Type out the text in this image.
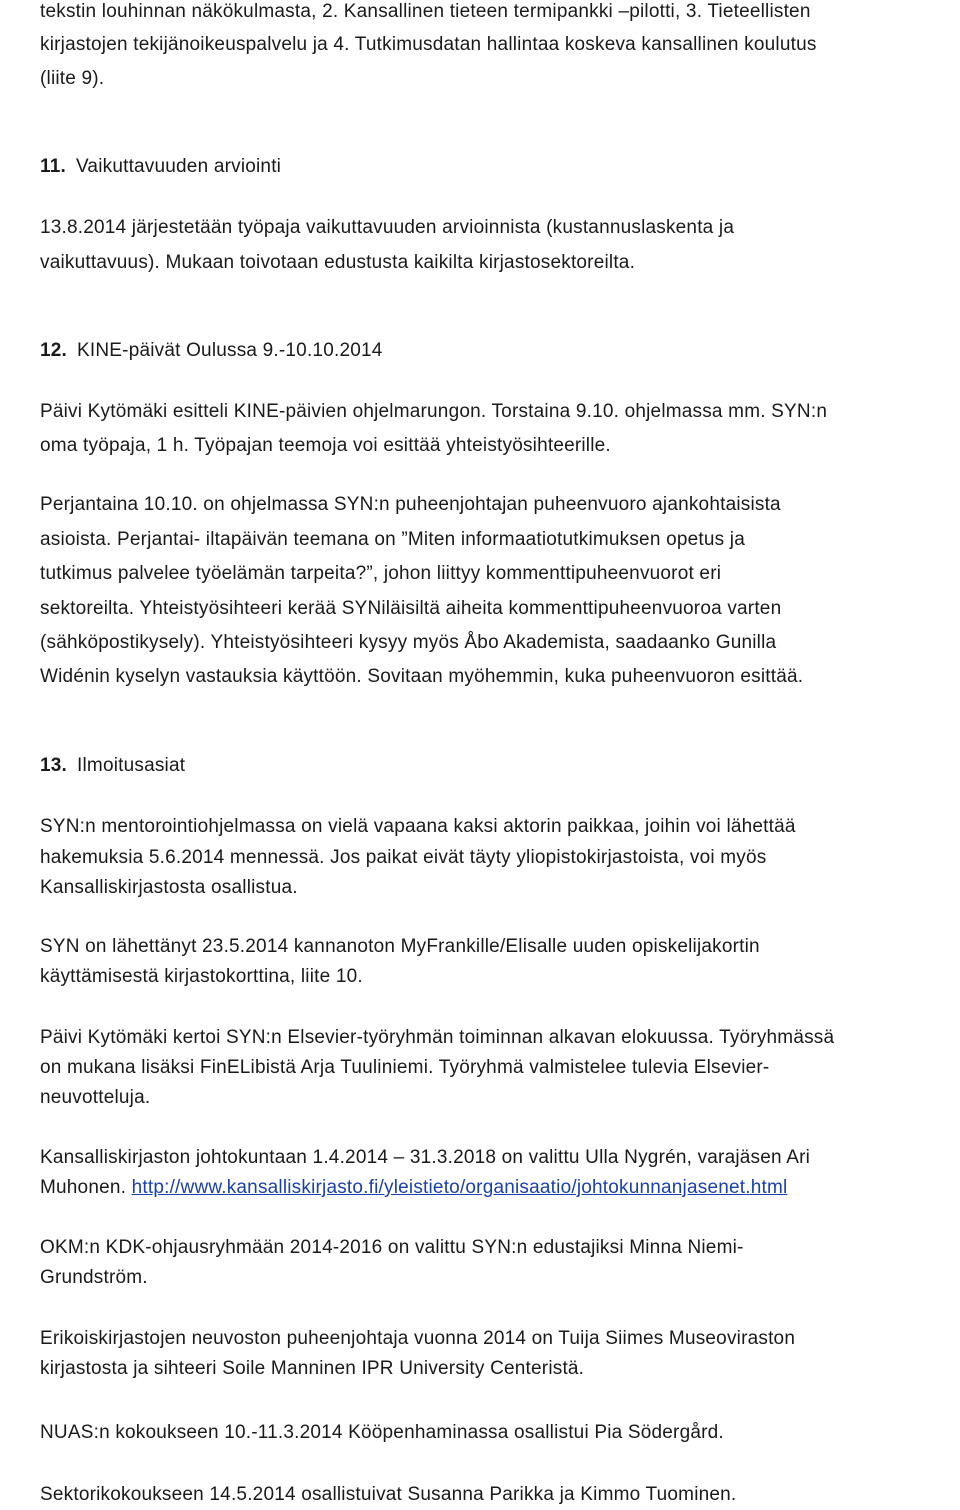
tekstin louhinnan näkökulmasta, 2. Kansallinen tieteen termipankki –pilotti, 3. Tieteellisten
kirjastojen tekijänoikeuspalvelu ja 4. Tutkimusdatan hallintaa koskeva kansallinen koulutus
(liite 9).
11. Vaikuttavuuden arviointi
13.8.2014 järjestetään työpaja vaikuttavuuden arvioinnista (kustannuslaskenta ja
vaikuttavuus). Mukaan toivotaan edustusta kaikilta kirjastosektoreilta.
12. KINE-päivät Oulussa 9.-10.10.2014
Päivi Kytömäki esitteli KINE-päivien ohjelmarungon. Torstaina 9.10. ohjelmassa mm. SYN:n
oma työpaja, 1 h. Työpajan teemoja voi esittää yhteistyösihteerille.
Perjantaina 10.10. on ohjelmassa SYN:n puheenjohtajan puheenvuoro ajankohtaisista
asioista. Perjantai- iltapäivän teemana on ”Miten informaatiotutkimuksen opetus ja
tutkimus palvelee työelämän tarpeita?”, johon liittyy kommenttipuheenvuorot eri
sektoreilta. Yhteistyösihteeri kerää SYNiläisiltä aiheita kommenttipuheenvuoroa varten
(sähköpostikysely). Yhteistyösihteeri kysyy myös Åbo Akademista, saadaanko Gunilla
Widénin kyselyn vastauksia käyttöön. Sovitaan myöhemmin, kuka puheenvuoron esittää.
13. Ilmoitusasiat
SYN:n mentorointiohjelmassa on vielä vapaana kaksi aktorin paikkaa, joihin voi lähettää
hakemuksia 5.6.2014 mennessä. Jos paikat eivät täyty yliopistokirjastoista, voi myös
Kansalliskirjastosta osallistua.
SYN on lähettänyt 23.5.2014 kannanoton MyFrankille/Elisalle uuden opiskelijakortin
käyttämisestä kirjastokorttina, liite 10.
Päivi Kytömäki kertoi SYN:n Elsevier-työryhmän toiminnan alkavan elokuussa. Työryhmässä
on mukana lisäksi FinELibistä Arja Tuuliniemi. Työryhmä valmistelee tulevia Elsevier-
neuvotteluja.
Kansalliskirjaston johtokuntaan 1.4.2014 – 31.3.2018 on valittu Ulla Nygrén, varajäsen Ari
Muhonen. http://www.kansalliskirjasto.fi/yleistieto/organisaatio/johtokunnanjasenet.html
OKM:n KDK-ohjausryhmään 2014-2016 on valittu SYN:n edustajiksi Minna Niemi-
Grundström.
Erikoiskirjastojen neuvoston puheenjohtaja vuonna 2014 on Tuija Siimes Museoviraston
kirjastosta ja sihteeri Soile Manninen IPR University Centeristä.
NUAS:n kokoukseen 10.-11.3.2014 Kööpenhaminassa osallistui Pia Södergård.
Sektorikokoukseen 14.5.2014 osallistuivat Susanna Parikka ja Kimmo Tuominen.
